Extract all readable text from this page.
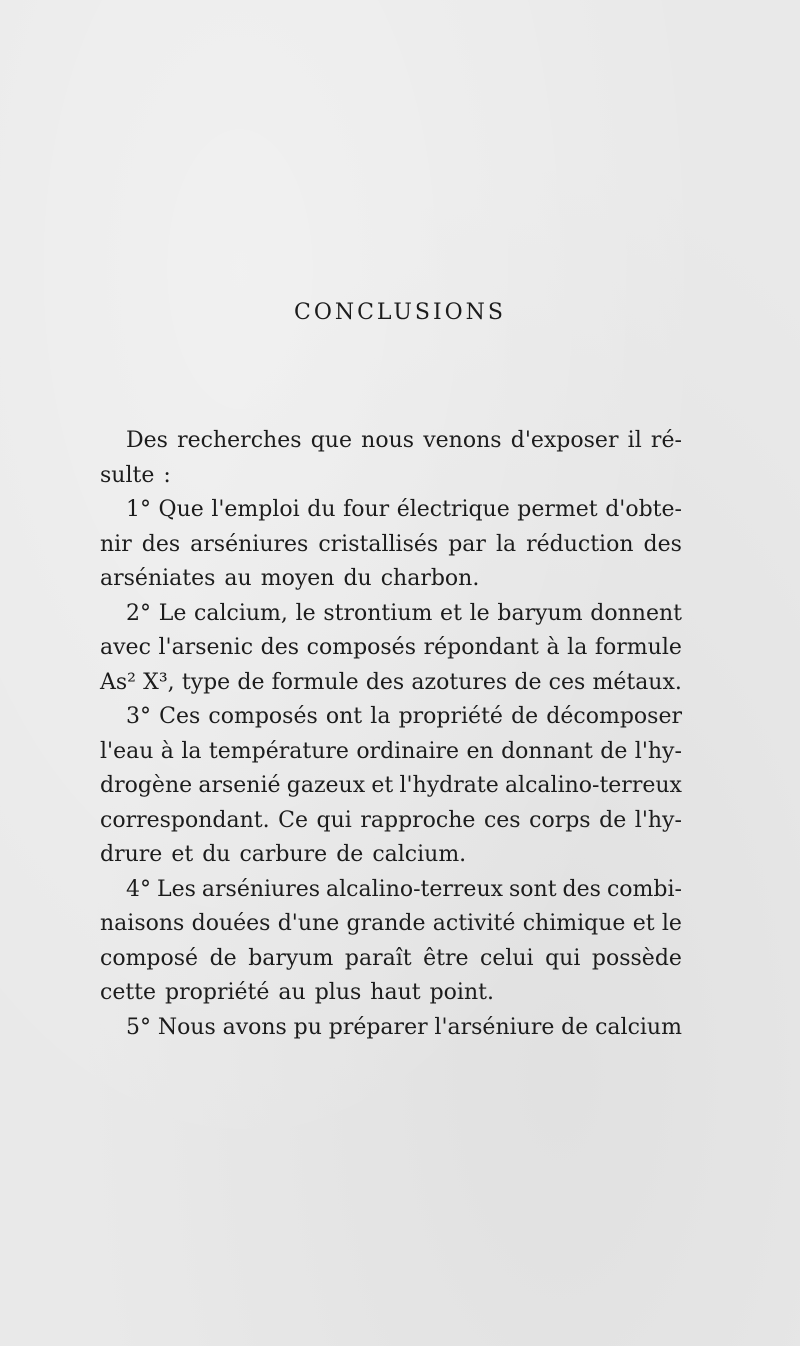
CONCLUSIONS
Des recherches que nous venons d'exposer il ré-
sulte :
1° Que l'emploi du four électrique permet d'obte-
nir des arséniures cristallisés par la réduction des
arséniates au moyen du charbon.
2° Le calcium, le strontium et le baryum donnent
avec l'arsenic des composés répondant à la formule
As² X³, type de formule des azotures de ces métaux.
3° Ces composés ont la propriété de décomposer
l'eau à la température ordinaire en donnant de l'hy-
drogène arsenié gazeux et l'hydrate alcalino-terreux
correspondant. Ce qui rapproche ces corps de l'hy-
drure et du carbure de calcium.
4° Les arséniures alcalino-terreux sont des combi-
naisons douées d'une grande activité chimique et le
composé de baryum paraît être celui qui possède
cette propriété au plus haut point.
5° Nous avons pu préparer l'arséniure de calcium
